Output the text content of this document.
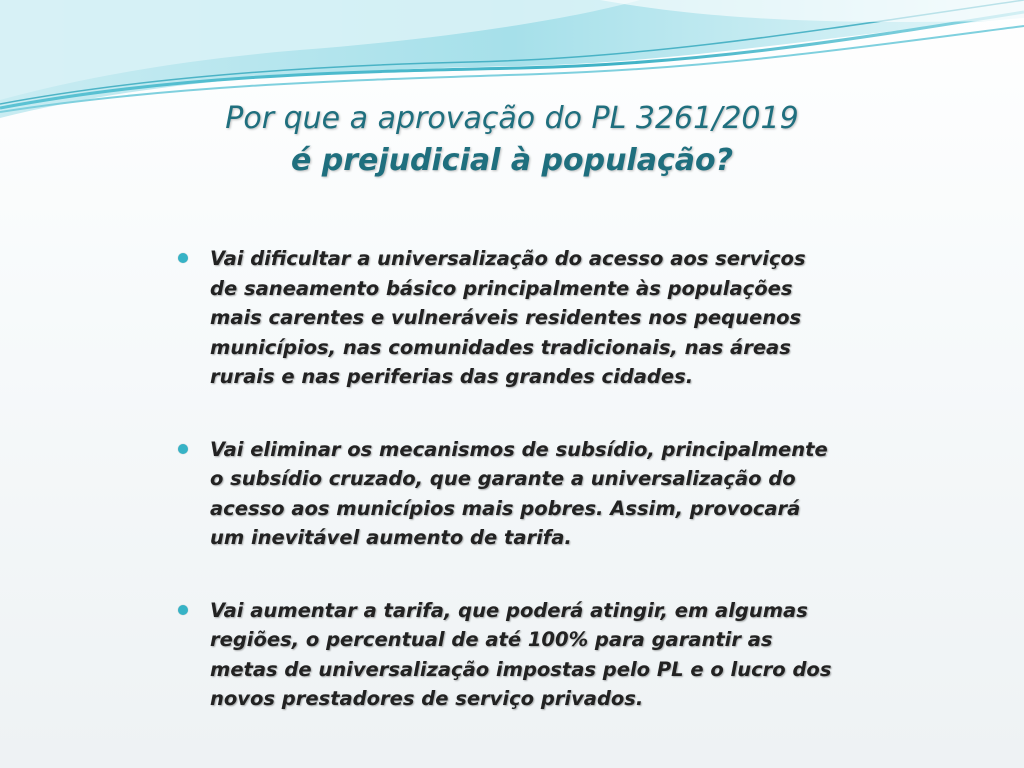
Por que a aprovação do PL 3261/2019
é prejudicial à população?
Vai dificultar a universalização do acesso aos serviços de saneamento básico principalmente às populações mais carentes e vulneráveis residentes nos pequenos municípios, nas comunidades tradicionais, nas áreas rurais e nas periferias das grandes cidades.
Vai eliminar os mecanismos de subsídio, principalmente o subsídio cruzado, que garante a universalização do acesso aos municípios mais pobres. Assim, provocará um inevitável aumento de tarifa.
Vai aumentar a tarifa, que poderá atingir, em algumas regiões, o percentual de até 100% para garantir as metas de universalização impostas pelo PL e o lucro dos novos prestadores de serviço privados.
